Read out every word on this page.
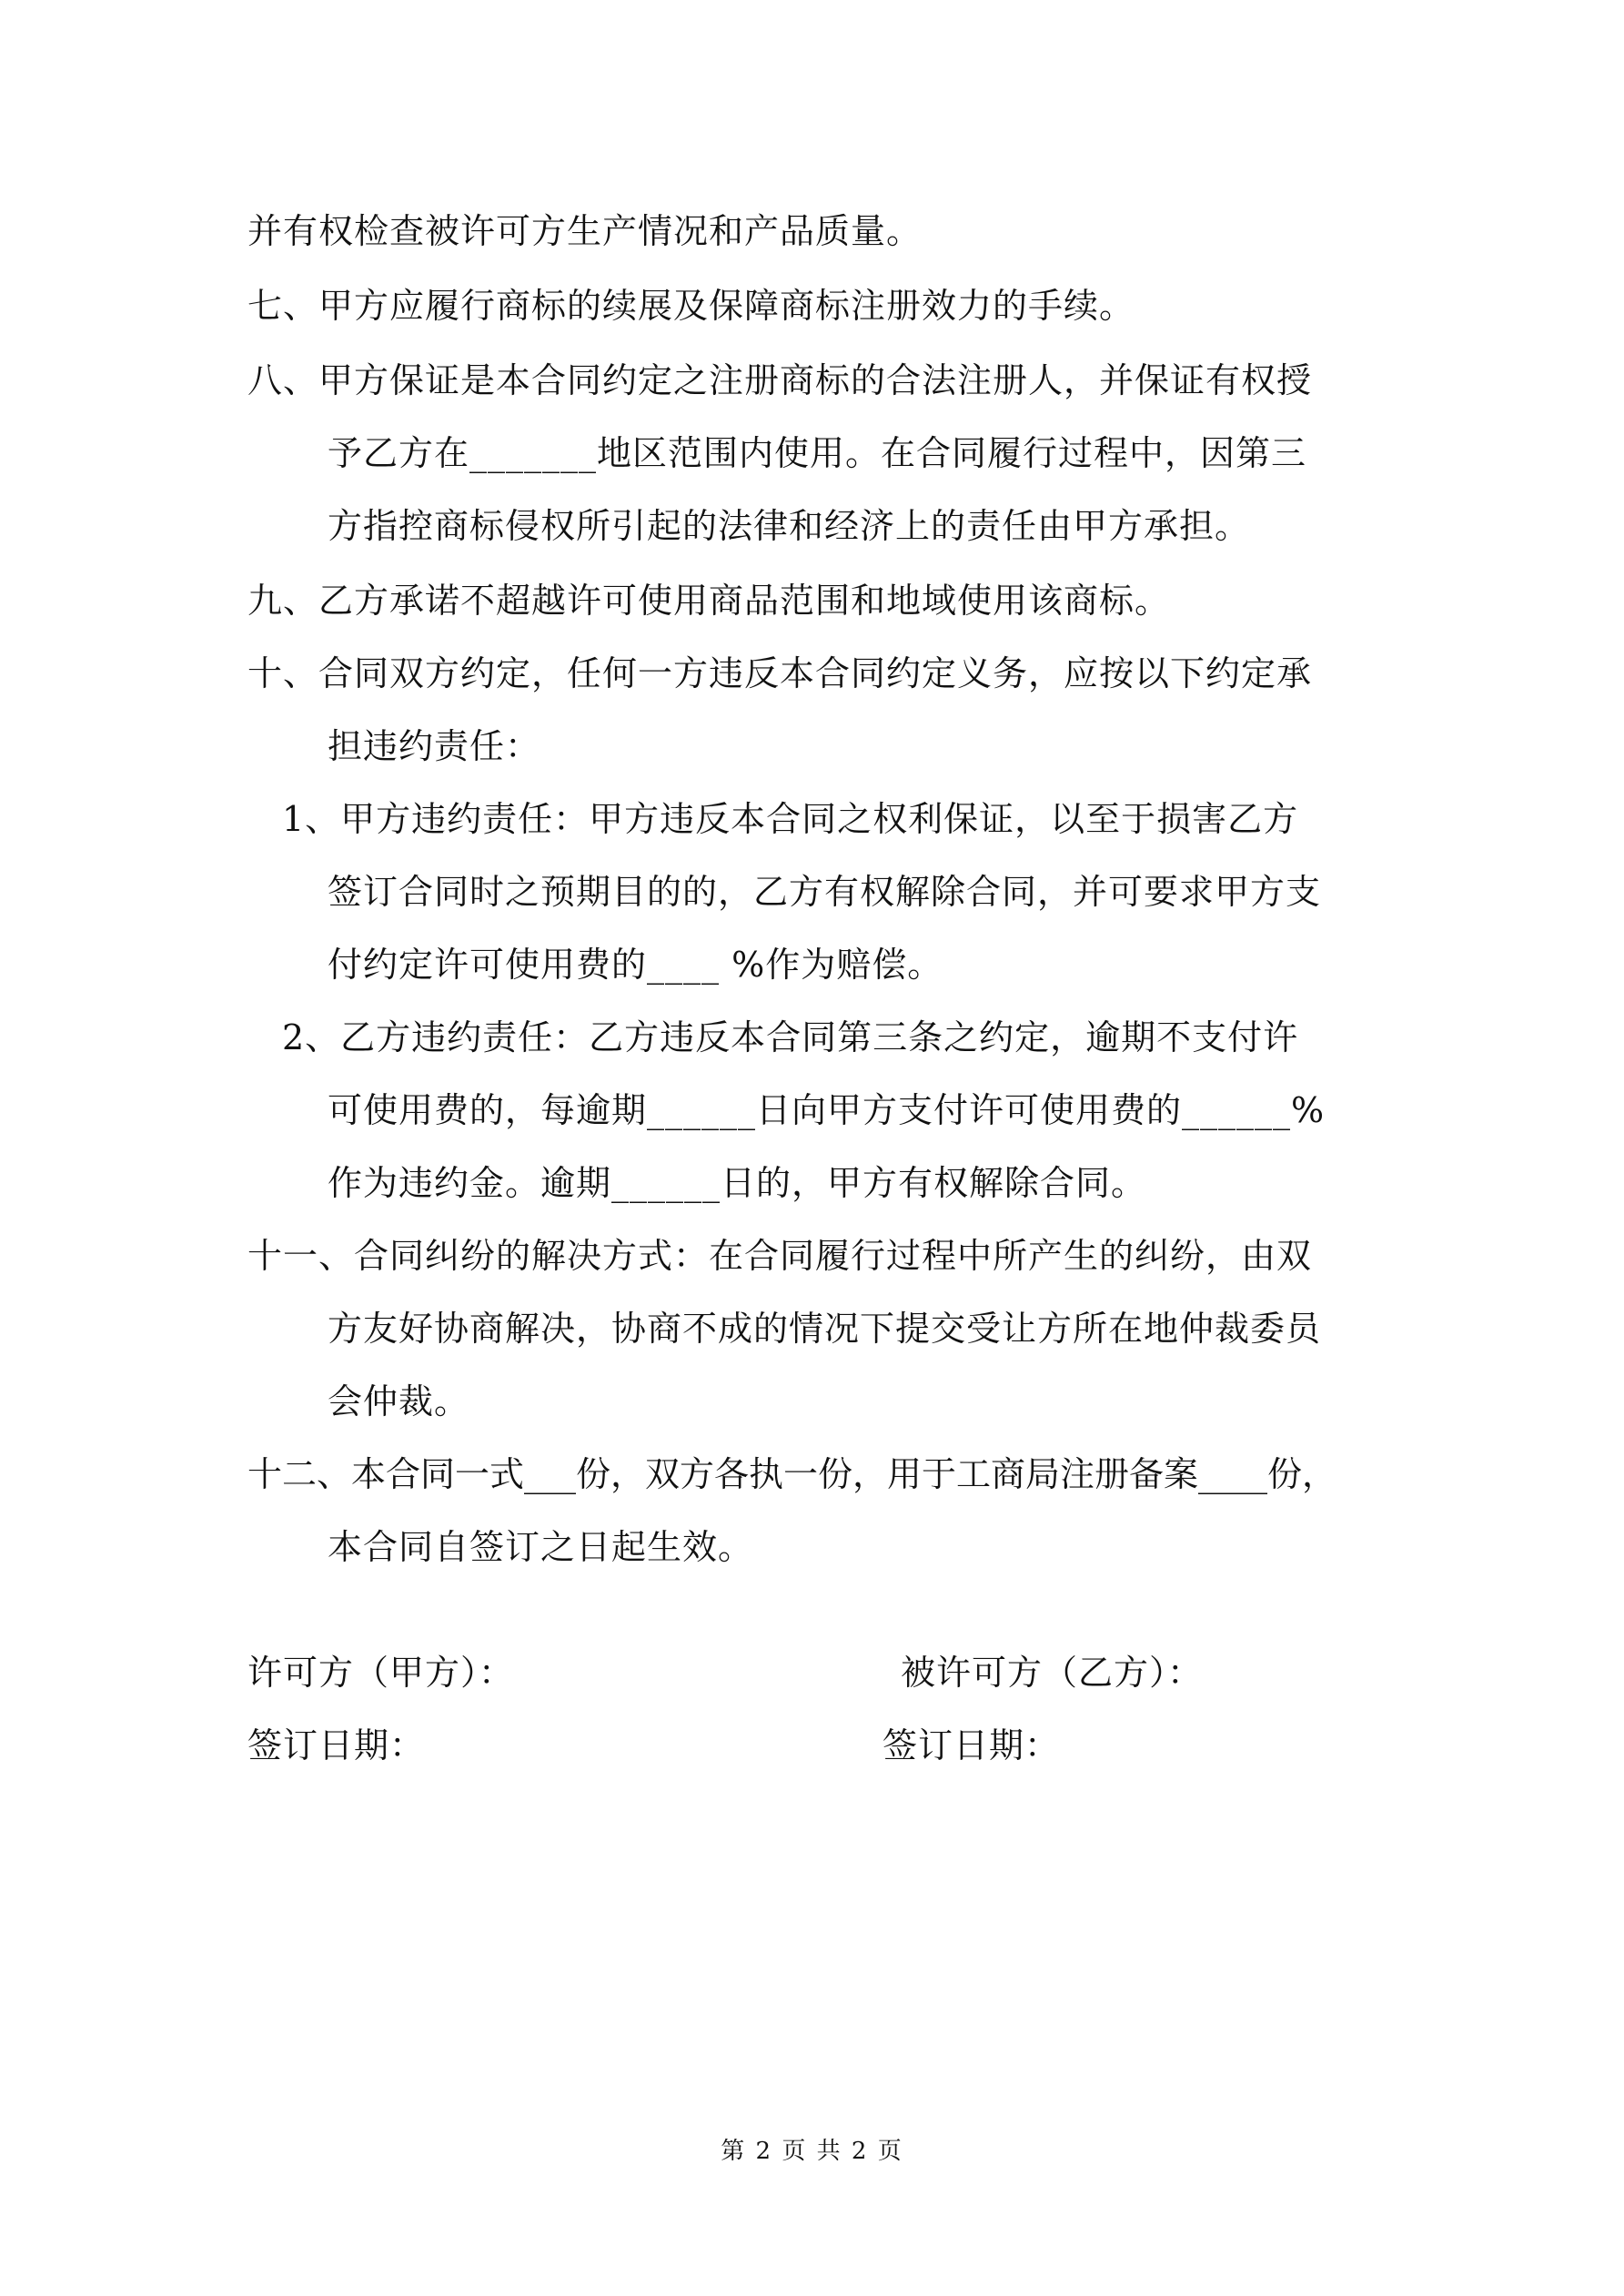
并有权检查被许可方生产情况和产品质量。
七、甲方应履行商标的续展及保障商标注册效力的手续。
八、甲方保证是本合同约定之注册商标的合法注册人，并保证有权授
予乙方在_______地区范围内使用。在合同履行过程中，因第三
方指控商标侵权所引起的法律和经济上的责任由甲方承担。
九、乙方承诺不超越许可使用商品范围和地域使用该商标。
十、合同双方约定，任何一方违反本合同约定义务，应按以下约定承
担违约责任：
1、甲方违约责任：甲方违反本合同之权利保证，以至于损害乙方
签订合同时之预期目的的，乙方有权解除合同，并可要求甲方支
付约定许可使用费的____ %作为赔偿。
2、乙方违约责任：乙方违反本合同第三条之约定，逾期不支付许
可使用费的，每逾期______日向甲方支付许可使用费的______%
作为违约金。逾期______日的，甲方有权解除合同。
十一、合同纠纷的解决方式：在合同履行过程中所产生的纠纷，由双
方友好协商解决，协商不成的情况下提交受让方所在地仲裁委员
会仲裁。
十二、本合同一式___份，双方各执一份，用于工商局注册备案____份，
本合同自签订之日起生效。
许可方（甲方）：	被许可方（乙方）：
签订日期：	签订日期：
第 2 页 共 2 页
